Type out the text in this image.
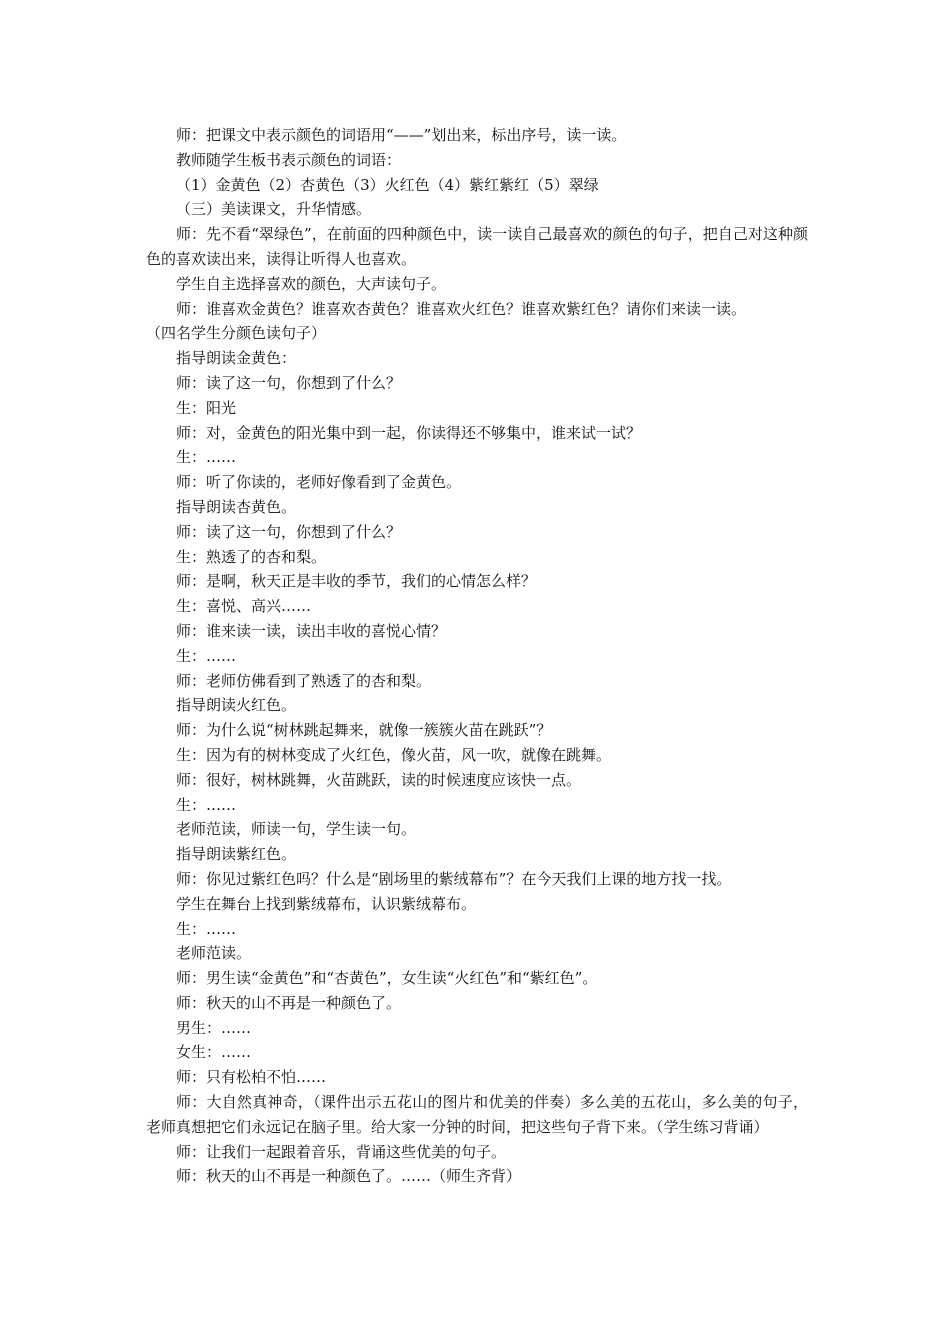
师：把课文中表示颜色的词语用“——”划出来，标出序号，读一读。

教师随学生板书表示颜色的词语：

（1）金黄色（2）杏黄色（3）火红色（4）紫红紫红（5）翠绿

（三）美读课文，升华情感。

师：先不看“翠绿色”，在前面的四种颜色中，读一读自己最喜欢的颜色的句子，把自己对这种颜色的喜欢读出来，读得让听得人也喜欢。

学生自主选择喜欢的颜色，大声读句子。

师：谁喜欢金黄色？谁喜欢杏黄色？谁喜欢火红色？谁喜欢紫红色？请你们来读一读。

（四名学生分颜色读句子）

指导朗读金黄色：

师：读了这一句，你想到了什么？

生：阳光

师：对，金黄色的阳光集中到一起，你读得还不够集中，谁来试一试？

生：……

师：听了你读的，老师好像看到了金黄色。

指导朗读杏黄色。

师：读了这一句，你想到了什么？

生：熟透了的杏和梨。

师：是啊，秋天正是丰收的季节，我们的心情怎么样？

生：喜悦、高兴……

师：谁来读一读，读出丰收的喜悦心情？

生：……

师：老师仿佛看到了熟透了的杏和梨。

指导朗读火红色。

师：为什么说“树林跳起舞来，就像一簇簇火苗在跳跃”？

生：因为有的树林变成了火红色，像火苗，风一吹，就像在跳舞。

师：很好，树林跳舞，火苗跳跃，读的时候速度应该快一点。

生：……

老师范读，师读一句，学生读一句。

指导朗读紫红色。

师：你见过紫红色吗？什么是“剧场里的紫绒幕布”？在今天我们上课的地方找一找。

学生在舞台上找到紫绒幕布，认识紫绒幕布。

生：……

老师范读。

师：男生读“金黄色”和“杏黄色”，女生读“火红色”和“紫红色”。

师：秋天的山不再是一种颜色了。

男生：……

女生：……

师：只有松柏不怕……

师：大自然真神奇，（课件出示五花山的图片和优美的伴奏）多么美的五花山，多么美的句子，老师真想把它们永远记在脑子里。给大家一分钟的时间，把这些句子背下来。（学生练习背诵）

师：让我们一起跟着音乐，背诵这些优美的句子。

师：秋天的山不再是一种颜色了。……（师生齐背）
